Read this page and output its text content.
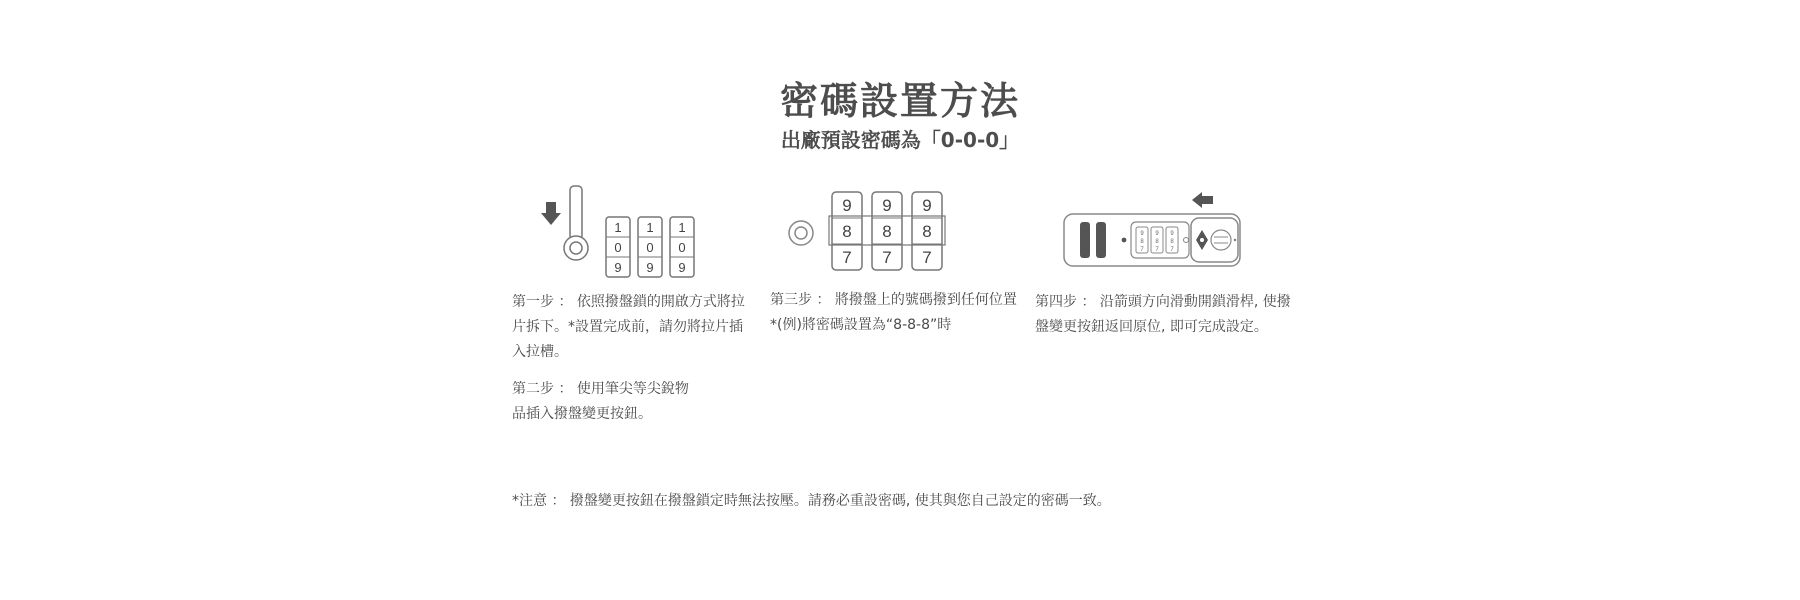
密碼設置方法
出廠預設密碼為「0-0-0」
1
0
9
1
0
9
1
0
9
9
8
7
9
8
7
9
8
7
9
8
7
9
8
7
9
8
7
第一步 ： 依照撥盤鎖的開啟方式將拉
片拆下。*設置完成前，請勿將拉片插
入拉槽。
第二步 ： 使用筆尖等尖銳物
品插入撥盤變更按鈕。
第三步 ： 將撥盤上的號碼撥到任何位置
*(例)將密碼設置為“8-8-8”時
第四步 ： 沿箭頭方向滑動開鎖滑桿, 使撥
盤變更按鈕返回原位, 即可完成設定。
*注意 ： 撥盤變更按鈕在撥盤鎖定時無法按壓。請務必重設密碼, 使其與您自己設定的密碼一致。
